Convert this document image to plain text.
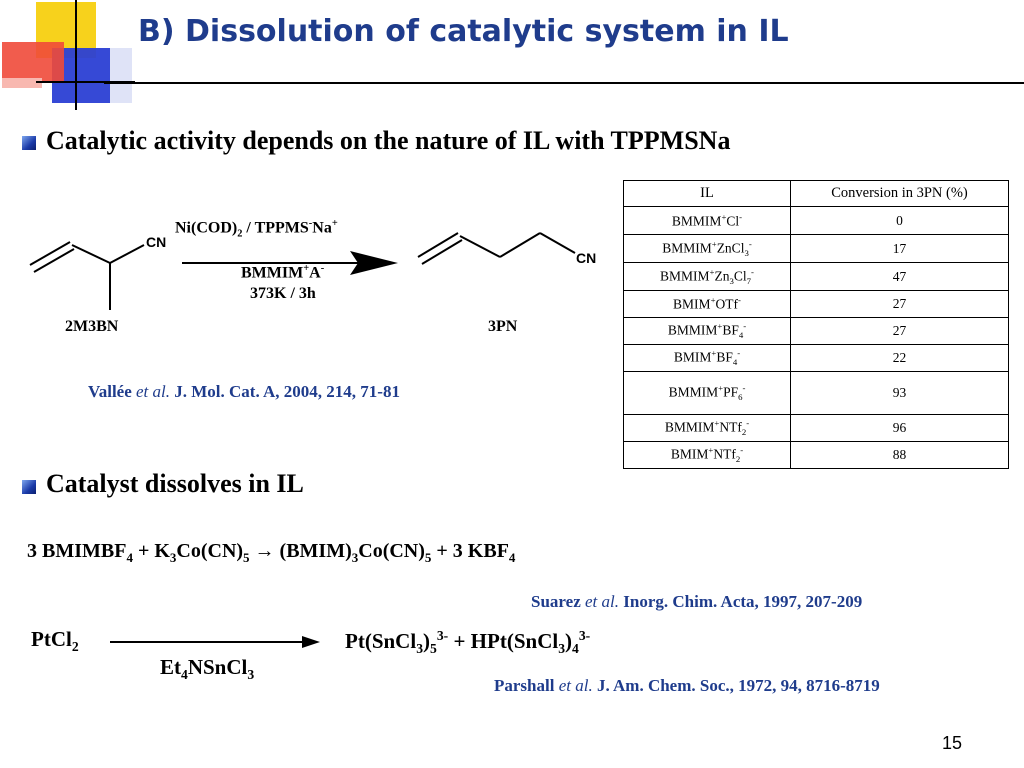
B) Dissolution of catalytic system in IL
Catalytic activity depends on the nature of IL with TPPMSNa
CN
CN
$Ni(COD)_2$ / TPPMS-Na+
BMMIM+A-
373K / 3h
2M3BN	3PN
Vallée et al. J. Mol. Cat. A, 2004, 214, 71-81
IL	Conversion in 3PN (%)
BMMIM+Cl-	0
BMMIM+ZnCl$_3$-	17
$BMMIM^+Zn_3Cl_7^-$	47
BMIM+OTf-	27
$BMMIM^+BF_4^-$	27
$BMIM^+BF_4^-$	22
$BMMIM^+PF_6^-$	93
BMMIM+NTf$_2$-	96
BMIM+NTf$_2$-	88
Catalyst dissolves in IL
3 $BMIMBF_4 + K_3Co(CN)_5$ → $(BMIM)_3Co(CN)_5 + 3$ $KBF_4$
Suarez et al. Inorg. Chim. Acta, 1997, 207-209
PtCl$_2$
$Et_4NSnCl_3$
$Pt(SnCl_3)_5^{3-}$ + $HPt(SnCl_3)_4^{3-}$
Parshall et al. J. Am. Chem. Soc., 1972, 94, 8716-8719
15
